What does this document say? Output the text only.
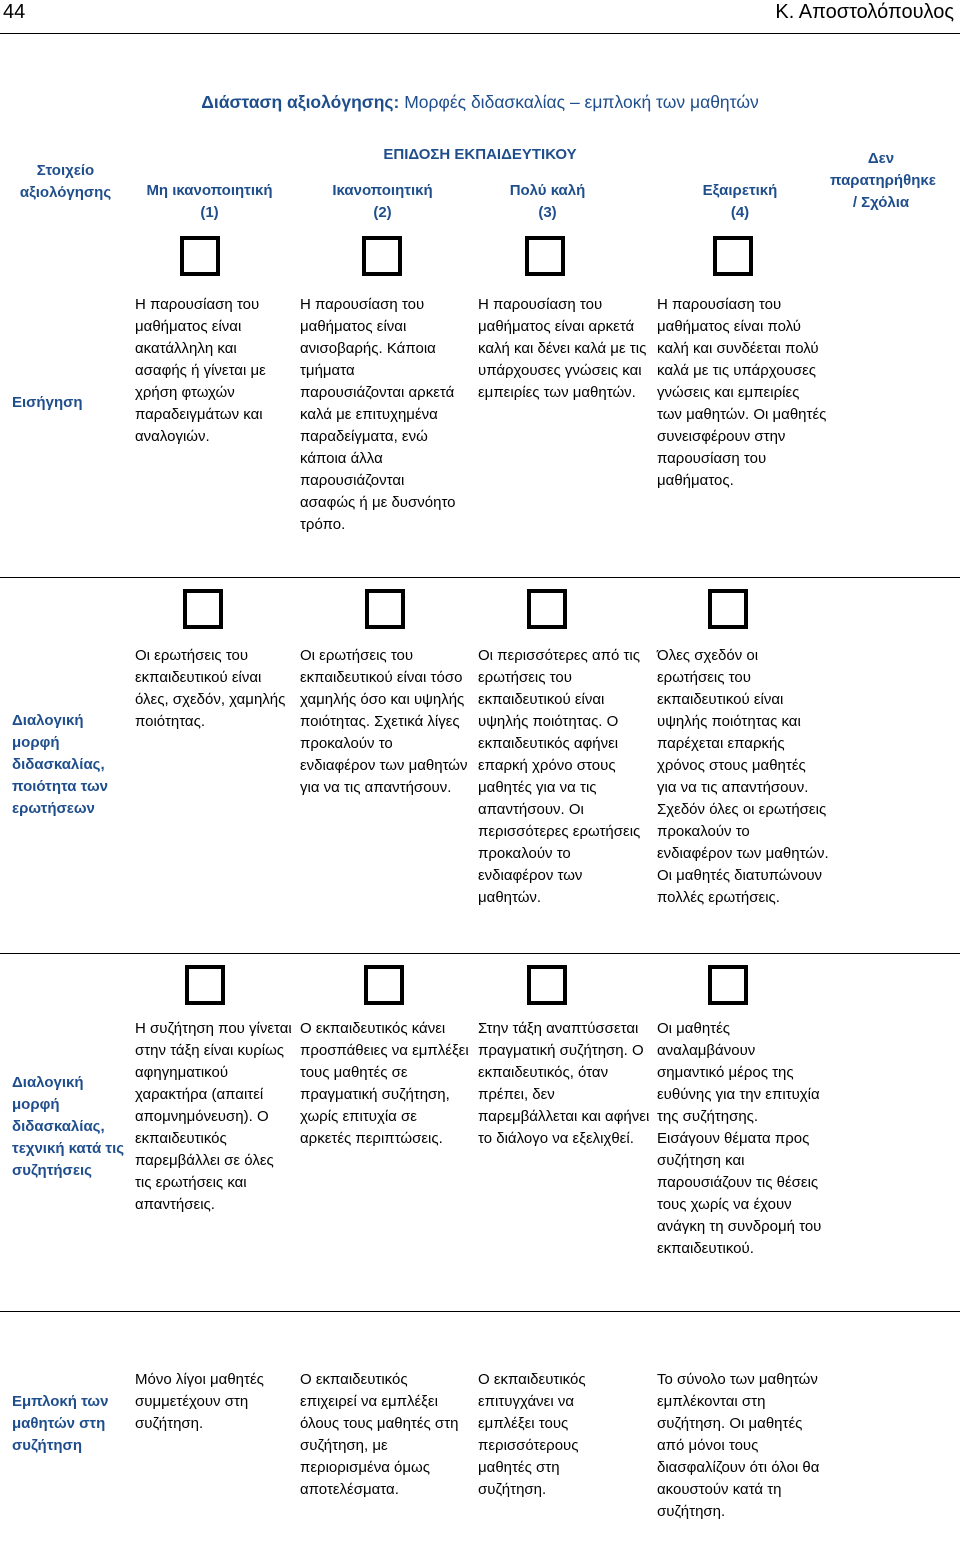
44	Κ. Αποστολόπουλος
Διάσταση αξιολόγησης: Μορφές διδασκαλίας – εμπλοκή των μαθητών
Στοιχείο αξιολόγησης
ΕΠΙΔΟΣΗ ΕΚΠΑΙΔΕΥΤΙΚΟΥ
Μη ικανοποιητική
(1)
Ικανοποιητική
(2)
Πολύ καλή
(3)
Εξαιρετική
(4)
Δεν παρατηρήθηκε / Σχόλια
Εισήγηση
Η παρουσίαση του μαθήματος είναι ακατάλληλη και ασαφής ή γίνεται με χρήση φτωχών παραδειγμάτων και αναλογιών.
Η παρουσίαση του μαθήματος είναι ανισοβαρής. Κάποια τμήματα παρουσιάζονται αρκετά καλά με επιτυχημένα παραδείγματα, ενώ κάποια άλλα παρουσιάζονται ασαφώς ή με δυσνόητο τρόπο.
Η παρουσίαση του μαθήματος είναι αρκετά καλή και δένει καλά με τις υπάρχουσες γνώσεις και εμπειρίες των μαθητών.
Η παρουσίαση του μαθήματος είναι πολύ καλή και συνδέεται πολύ καλά με τις υπάρχουσες γνώσεις και εμπειρίες των μαθητών. Οι μαθητές συνεισφέρουν στην παρουσίαση του μαθήματος.
Διαλογική μορφή διδασκαλίας, ποιότητα των ερωτήσεων
Οι ερωτήσεις του εκπαιδευτικού είναι όλες, σχεδόν, χαμηλής ποιότητας.
Οι ερωτήσεις του εκπαιδευτικού είναι τόσο χαμηλής όσο και υψηλής ποιότητας. Σχετικά λίγες προκαλούν το ενδιαφέρον των μαθητών για να τις απαντήσουν.
Οι περισσότερες από τις ερωτήσεις του εκπαιδευτικού είναι υψηλής ποιότητας. Ο εκπαιδευτικός αφήνει επαρκή χρόνο στους μαθητές για να τις απαντήσουν. Οι περισσότερες ερωτήσεις προκαλούν το ενδιαφέρον των μαθητών.
Όλες σχεδόν οι ερωτήσεις του εκπαιδευτικού είναι υψηλής ποιότητας και παρέχεται επαρκής χρόνος στους μαθητές για να τις απαντήσουν. Σχεδόν όλες οι ερωτήσεις προκαλούν το ενδιαφέρον των μαθητών. Οι μαθητές διατυπώνουν πολλές ερωτήσεις.
Διαλογική μορφή διδασκαλίας, τεχνική κατά τις συζητήσεις
Η συζήτηση που γίνεται στην τάξη είναι κυρίως αφηγηματικού χαρακτήρα (απαιτεί απομνημόνευση). Ο εκπαιδευτικός παρεμβάλλει σε όλες τις ερωτήσεις και απαντήσεις.
Ο εκπαιδευτικός κάνει προσπάθειες να εμπλέξει τους μαθητές σε πραγματική συζήτηση, χωρίς επιτυχία σε αρκετές περιπτώσεις.
Στην τάξη αναπτύσσεται πραγματική συζήτηση. Ο εκπαιδευτικός, όταν πρέπει, δεν παρεμβάλλεται και αφήνει το διάλογο να εξελιχθεί.
Οι μαθητές αναλαμβάνουν σημαντικό μέρος της ευθύνης για την επιτυχία της συζήτησης. Εισάγουν θέματα προς συζήτηση και παρουσιάζουν τις θέσεις τους χωρίς να έχουν ανάγκη τη συνδρομή του εκπαιδευτικού.
Εμπλοκή των μαθητών στη συζήτηση
Μόνο λίγοι μαθητές συμμετέχουν στη συζήτηση.
Ο εκπαιδευτικός επιχειρεί να εμπλέξει όλους τους μαθητές στη συζήτηση, με περιορισμένα όμως αποτελέσματα.
Ο εκπαιδευτικός επιτυγχάνει να εμπλέξει τους περισσότερους μαθητές στη συζήτηση.
Το σύνολο των μαθητών εμπλέκονται στη συζήτηση. Οι μαθητές από μόνοι τους διασφαλίζουν ότι όλοι θα ακουστούν κατά τη συζήτηση.
